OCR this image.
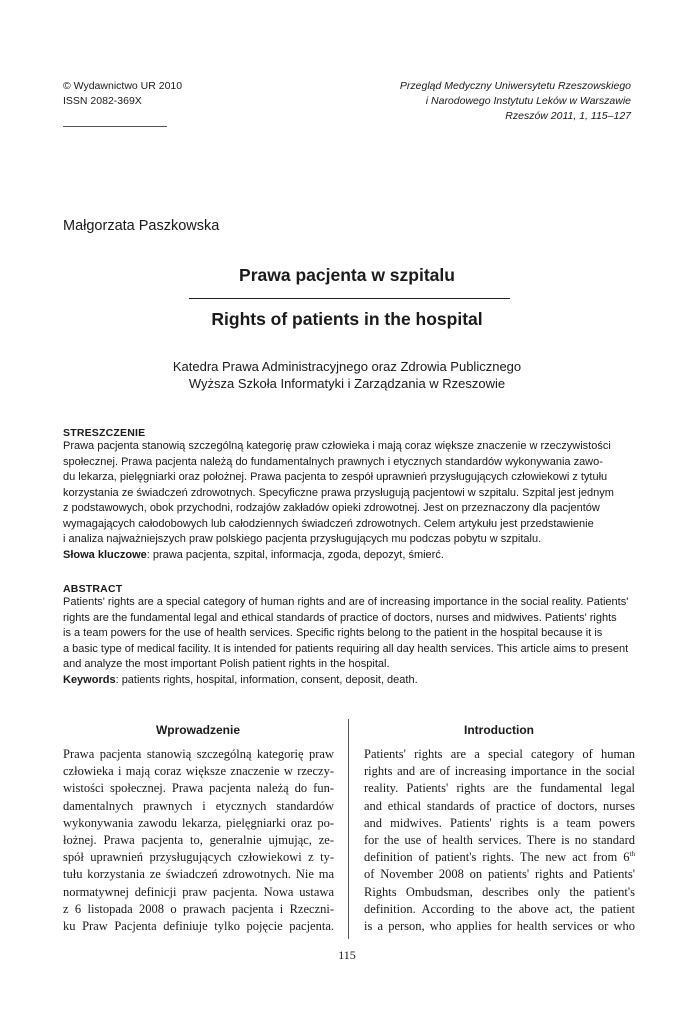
© Wydawnictwo UR 2010
ISSN 2082-369X
Przegląd Medyczny Uniwersytetu Rzeszowskiego
i Narodowego Instytutu Leków w Warszawie
Rzeszów 2011, 1, 115–127
Małgorzata Paszkowska
Prawa pacjenta w szpitalu
Rights of patients in the hospital
Katedra Prawa Administracyjnego oraz Zdrowia Publicznego
Wyższa Szkoła Informatyki i Zarządzania w Rzeszowie
STRESZCZENIE
Prawa pacjenta stanowią szczególną kategorię praw człowieka i mają coraz większe znaczenie w rzeczywistości
społecznej. Prawa pacjenta należą do fundamentalnych prawnych i etycznych standardów wykonywania zawo-
du lekarza, pielęgniarki oraz położnej. Prawa pacjenta to zespół uprawnień przysługujących człowiekowi z tytułu
korzystania ze świadczeń zdrowotnych. Specyficzne prawa przysługują pacjentowi w szpitalu. Szpital jest jednym
z podstawowych, obok przychodni, rodzajów zakładów opieki zdrowotnej. Jest on przeznaczony dla pacjentów
wymagających całodobowych lub całodziennych świadczeń zdrowotnych. Celem artykułu jest przedstawienie
i analiza najważniejszych praw polskiego pacjenta przysługujących mu podczas pobytu w szpitalu.
Słowa kluczowe: prawa pacjenta, szpital, informacja, zgoda, depozyt, śmierć.
ABSTRACT
Patients' rights are a special category of human rights and are of increasing importance in the social reality. Patients'
rights are the fundamental legal and ethical standards of practice of doctors, nurses and midwives. Patients' rights
is a team powers for the use of health services. Specific rights belong to the patient in the hospital because it is
a basic type of medical facility. It is intended for patients requiring all day health services. This article aims to present
and analyze the most important Polish patient rights in the hospital.
Keywords: patients rights, hospital, information, consent, deposit, death.
Wprowadzenie	Introduction
Prawa pacjenta stanowią szczególną kategorię praw
człowieka i mają coraz większe znaczenie w rzeczy-
wistości społecznej. Prawa pacjenta należą do fun-
damentalnych prawnych i etycznych standardów
wykonywania zawodu lekarza, pielęgniarki oraz po-
łożnej. Prawa pacjenta to, generalnie ujmując, ze-
spół uprawnień przysługujących człowiekowi z ty-
tułu korzystania ze świadczeń zdrowotnych. Nie ma
normatywnej definicji praw pacjenta. Nowa ustawa
z 6 listopada 2008 o prawach pacjenta i Rzeczni-
ku Praw Pacjenta definiuje tylko pojęcie pacjenta.
Patients' rights are a special category of human
rights and are of increasing importance in the social
reality. Patients' rights are the fundamental legal
and ethical standards of practice of doctors, nurses
and midwives. Patients' rights is a team powers
for the use of health services. There is no standard
definition of patient's rights. The new act from 6th
of November 2008 on patients' rights and Patients'
Rights Ombudsman, describes only the patient's
definition. According to the above act, the patient
is a person, who applies for health services or who
115
